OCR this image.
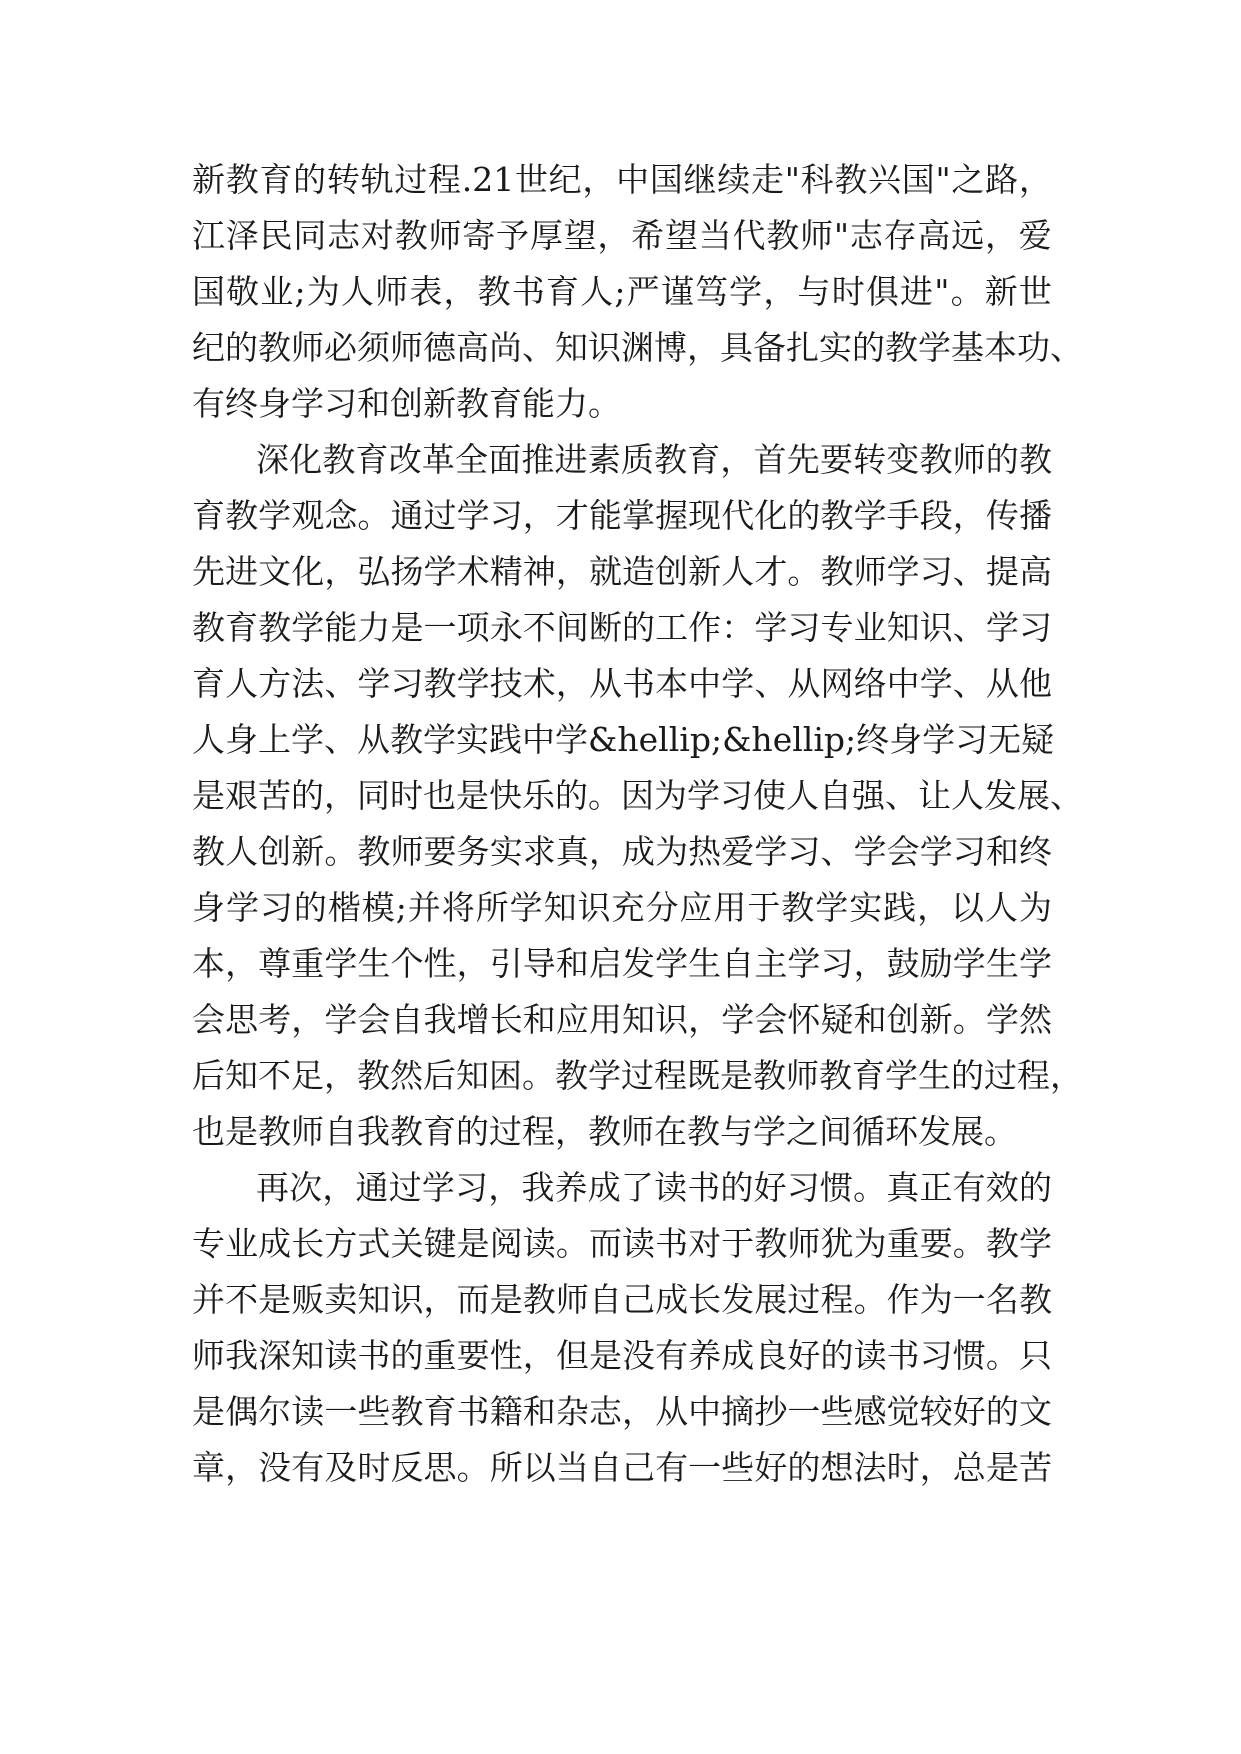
新 教 育 的 转 轨 过 程 .21 世 纪 ， 中 国 继 续 走 " 科 教 兴 国 " 之 路 ，
江 泽 民 同 志 对 教 师 寄 予 厚 望 ， 希 望 当 代 教 师 " 志 存 高 远 ， 爱
国 敬 业 ; 为 人 师 表 ， 教 书 育 人 ; 严 谨 笃 学 ， 与 时 俱 进 " 。 新 世
纪 的 教 师 必 须 师 德 高 尚 、 知 识 渊 博 ， 具 备 扎 实 的 教 学 基 本 功 、
有 终 身 学 习 和 创 新 教 育 能 力 。
深 化 教 育 改 革 全 面 推 进 素 质 教 育 ， 首 先 要 转 变 教 师 的 教
育 教 学 观 念 。 通 过 学 习 ， 才 能 掌 握 现 代 化 的 教 学 手 段 ， 传 播
先 进 文 化 ， 弘 扬 学 术 精 神 ， 就 造 创 新 人 才 。 教 师 学 习 、 提 高
教 育 教 学 能 力 是 一 项 永 不 间 断 的 工 作 ： 学 习 专 业 知 识 、 学 习
育 人 方 法 、 学 习 教 学 技 术 ， 从 书 本 中 学 、 从 网 络 中 学 、 从 他
人 身 上 学 、 从 教 学 实 践 中 学 &hellip;&hellip; 终 身 学 习 无 疑
是 艰 苦 的 ， 同 时 也 是 快 乐 的 。 因 为 学 习 使 人 自 强 、 让 人 发 展 、
教 人 创 新 。 教 师 要 务 实 求 真 ， 成 为 热 爱 学 习 、 学 会 学 习 和 终
身 学 习 的 楷 模 ; 并 将 所 学 知 识 充 分 应 用 于 教 学 实 践 ， 以 人 为
本 ， 尊 重 学 生 个 性 ， 引 导 和 启 发 学 生 自 主 学 习 ， 鼓 励 学 生 学
会 思 考 ， 学 会 自 我 增 长 和 应 用 知 识 ， 学 会 怀 疑 和 创 新 。 学 然
后 知 不 足 ， 教 然 后 知 困 。 教 学 过 程 既 是 教 师 教 育 学 生 的 过 程 ，
也 是 教 师 自 我 教 育 的 过 程 ， 教 师 在 教 与 学 之 间 循 环 发 展 。
再 次 ， 通 过 学 习 ， 我 养 成 了 读 书 的 好 习 惯 。 真 正 有 效 的
专 业 成 长 方 式 关 键 是 阅 读 。 而 读 书 对 于 教 师 犹 为 重 要 。 教 学
并 不 是 贩 卖 知 识 ， 而 是 教 师 自 己 成 长 发 展 过 程 。 作 为 一 名 教
师 我 深 知 读 书 的 重 要 性 ， 但 是 没 有 养 成 良 好 的 读 书 习 惯 。 只
是 偶 尔 读 一 些 教 育 书 籍 和 杂 志 ， 从 中 摘 抄 一 些 感 觉 较 好 的 文
章 ， 没 有 及 时 反 思 。 所 以 当 自 己 有 一 些 好 的 想 法 时 ， 总 是 苦
